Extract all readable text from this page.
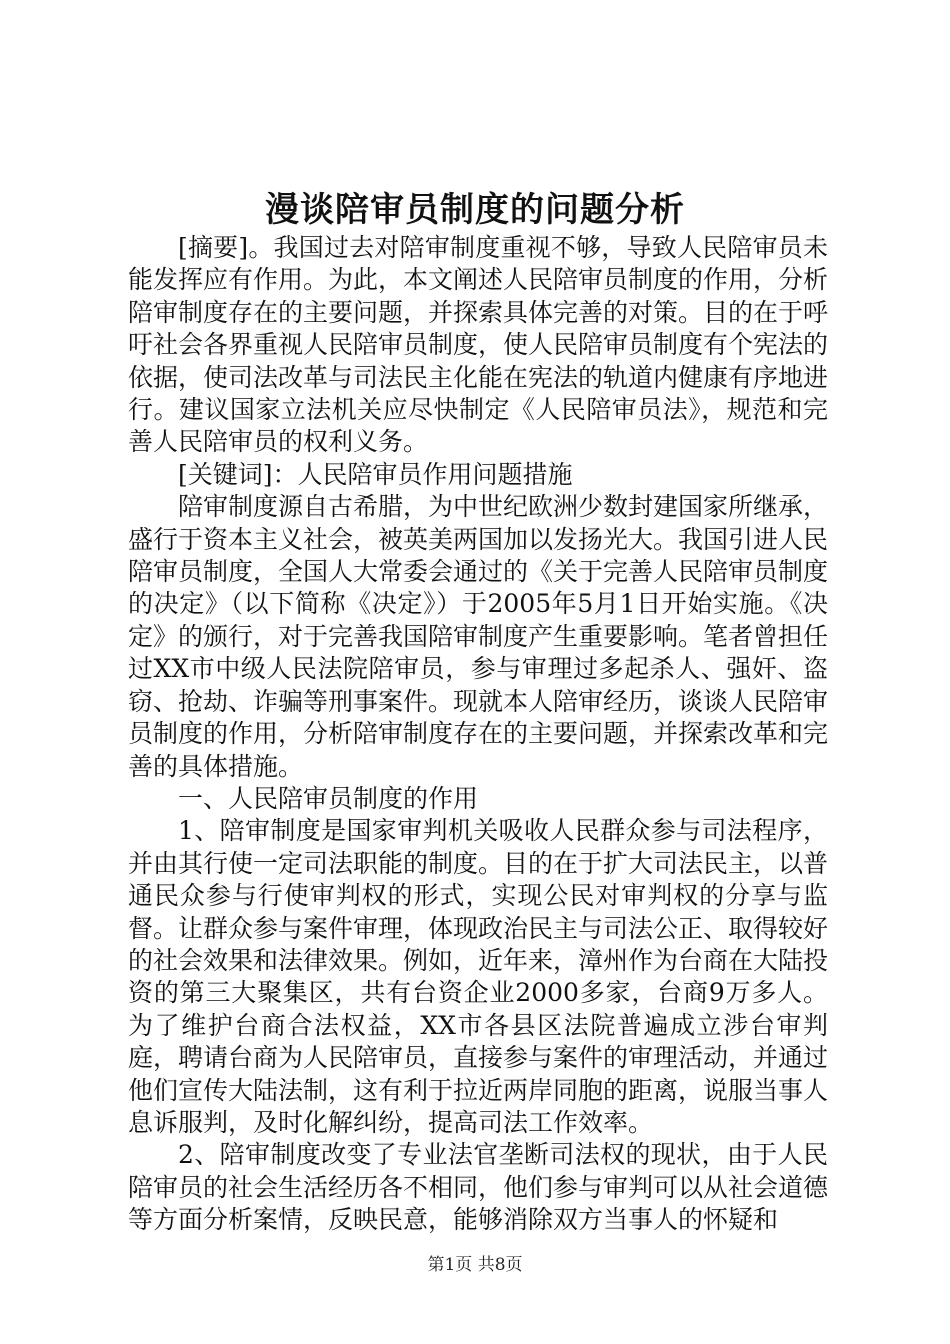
漫谈陪审员制度的问题分析

[摘要]。我国过去对陪审制度重视不够，导致人民陪审员未能发挥应有作用。为此，本文阐述人民陪审员制度的作用，分析陪审制度存在的主要问题，并探索具体完善的对策。目的在于呼吁社会各界重视人民陪审员制度，使人民陪审员制度有个宪法的依据，使司法改革与司法民主化能在宪法的轨道内健康有序地进行。建议国家立法机关应尽快制定《人民陪审员法》，规范和完善人民陪审员的权利义务。

[关键词]：人民陪审员作用问题措施

陪审制度源自古希腊，为中世纪欧洲少数封建国家所继承，盛行于资本主义社会，被英美两国加以发扬光大。我国引进人民陪审员制度，全国人大常委会通过的《关于完善人民陪审员制度的决定》（以下简称《决定》）于2005年5月1日开始实施。《决定》的颁行，对于完善我国陪审制度产生重要影响。笔者曾担任过XX市中级人民法院陪审员，参与审理过多起杀人、强奸、盗窃、抢劫、诈骗等刑事案件。现就本人陪审经历，谈谈人民陪审员制度的作用，分析陪审制度存在的主要问题，并探索改革和完善的具体措施。

一、人民陪审员制度的作用

1、陪审制度是国家审判机关吸收人民群众参与司法程序，并由其行使一定司法职能的制度。目的在于扩大司法民主，以普通民众参与行使审判权的形式，实现公民对审判权的分享与监督。让群众参与案件审理，体现政治民主与司法公正、取得较好的社会效果和法律效果。例如，近年来，漳州作为台商在大陆投资的第三大聚集区，共有台资企业2000多家，台商9万多人。为了维护台商合法权益，XX市各县区法院普遍成立涉台审判庭，聘请台商为人民陪审员，直接参与案件的审理活动，并通过他们宣传大陆法制，这有利于拉近两岸同胞的距离，说服当事人息诉服判，及时化解纠纷，提高司法工作效率。

2、陪审制度改变了专业法官垄断司法权的现状，由于人民陪审员的社会生活经历各不相同，他们参与审判可以从社会道德等方面分析案情，反映民意，能够消除双方当事人的怀疑和

第1页 共8页
